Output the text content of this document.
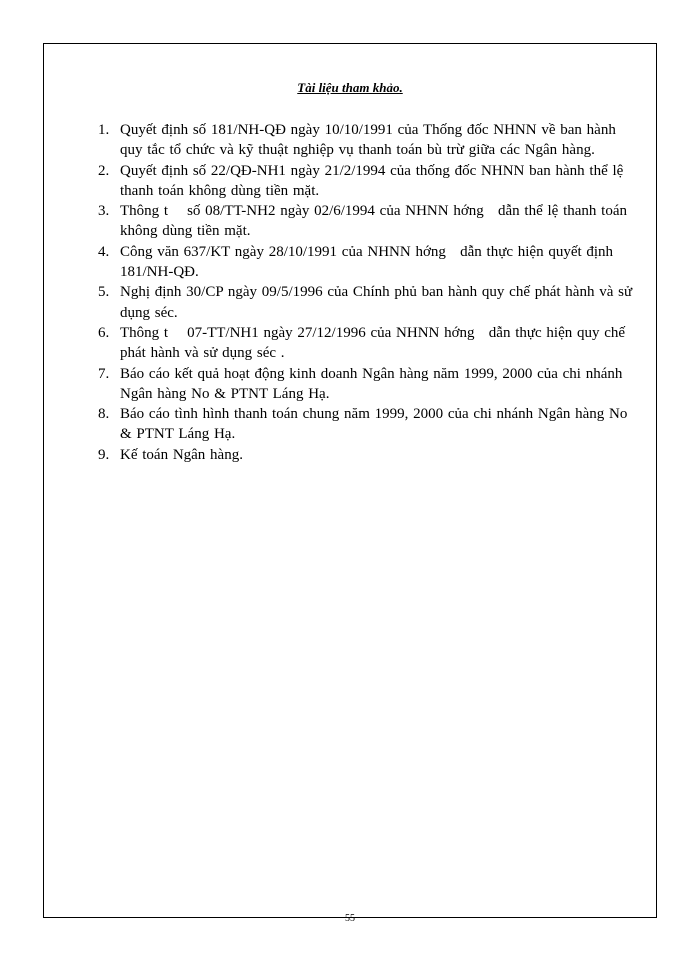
Tài liệu tham khảo.
1. Quyết định số 181/NH-QĐ ngày 10/10/1991 của Thống đốc NHNN về ban hành quy tắc tổ chức và kỹ thuật nghiệp vụ thanh toán bù trừ giữa các Ngân hàng.
2. Quyết định số 22/QĐ-NH1 ngày 21/2/1994 của thống đốc NHNN ban hành thể lệ thanh toán không dùng tiền mặt.
3. Thông t    số 08/TT-NH2 ngày 02/6/1994 của NHNN hớng   dẫn thể lệ thanh toán không dùng tiền mặt.
4. Công văn 637/KT ngày 28/10/1991 của NHNN hớng   dẫn thực hiện quyết định 181/NH-QĐ.
5. Nghị định 30/CP ngày 09/5/1996 của Chính phủ ban hành quy chế phát hành và sử dụng séc.
6. Thông t    07-TT/NH1 ngày 27/12/1996 của NHNN hớng   dẫn thực hiện quy chế phát hành và sử dụng séc .
7. Báo cáo kết quả hoạt động kinh doanh Ngân hàng năm 1999, 2000 của chi nhánh Ngân hàng No & PTNT Láng Hạ.
8. Báo cáo tình hình thanh toán chung năm 1999, 2000 của chi nhánh Ngân hàng No & PTNT Láng Hạ.
9. Kế toán Ngân hàng.
55
